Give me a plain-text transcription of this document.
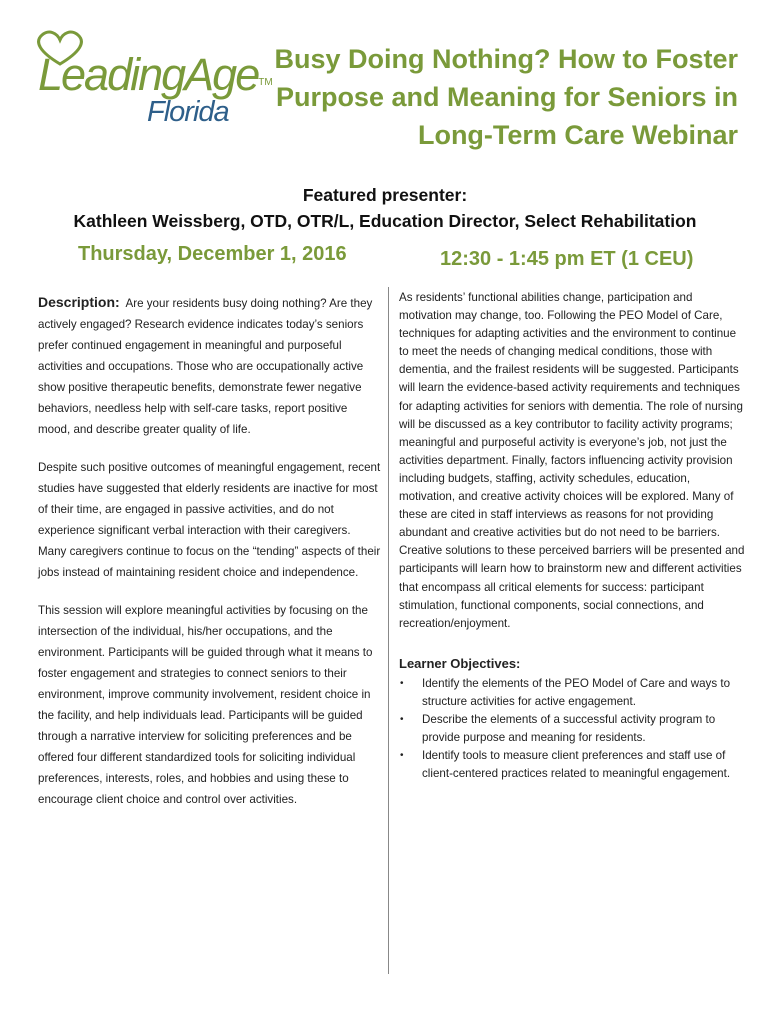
LeadingAge™
Florida
Busy Doing Nothing? How to Foster Purpose and Meaning for Seniors in Long-Term Care Webinar
Featured presenter:
Kathleen Weissberg, OTD, OTR/L, Education Director, Select Rehabilitation
Thursday, December 1, 2016	12:30 - 1:45 pm ET (1 CEU)

Description: Are your residents busy doing nothing? Are they actively engaged? Research evidence indicates today’s seniors prefer continued engagement in meaningful and purposeful activities and occupations. Those who are occupationally active show positive therapeutic benefits, demonstrate fewer negative behaviors, needless help with self-care tasks, report positive mood, and describe greater quality of life.

Despite such positive outcomes of meaningful engagement, recent studies have suggested that elderly residents are inactive for most of their time, are engaged in passive activities, and do not experience significant verbal interaction with their caregivers. Many caregivers continue to focus on the “tending” aspects of their jobs instead of maintaining resident choice and independence.

This session will explore meaningful activities by focusing on the intersection of the individual, his/her occupations, and the environment. Participants will be guided through what it means to foster engagement and strategies to connect seniors to their environment, improve community involvement, resident choice in the facility, and help individuals lead. Participants will be guided through a narrative interview for soliciting preferences and be offered four different standardized tools for soliciting individual preferences, interests, roles, and hobbies and using these to encourage client choice and control over activities.

As residents’ functional abilities change, participation and motivation may change, too. Following the PEO Model of Care, techniques for adapting activities and the environment to continue to meet the needs of changing medical conditions, those with dementia, and the frailest residents will be suggested. Participants will learn the evidence-based activity requirements and techniques for adapting activities for seniors with dementia. The role of nursing will be discussed as a key contributor to facility activity programs; meaningful and purposeful activity is everyone’s job, not just the activities department. Finally, factors influencing activity provision including budgets, staffing, activity schedules, education, motivation, and creative activity choices will be explored. Many of these are cited in staff interviews as reasons for not providing abundant and creative activities but do not need to be barriers. Creative solutions to these perceived barriers will be presented and participants will learn how to brainstorm new and different activities that encompass all critical elements for success: participant stimulation, functional components, social connections, and recreation/enjoyment.

Learner Objectives:
• Identify the elements of the PEO Model of Care and ways to structure activities for active engagement.
• Describe the elements of a successful activity program to provide purpose and meaning for residents.
• Identify tools to measure client preferences and staff use of client-centered practices related to meaningful engagement.
